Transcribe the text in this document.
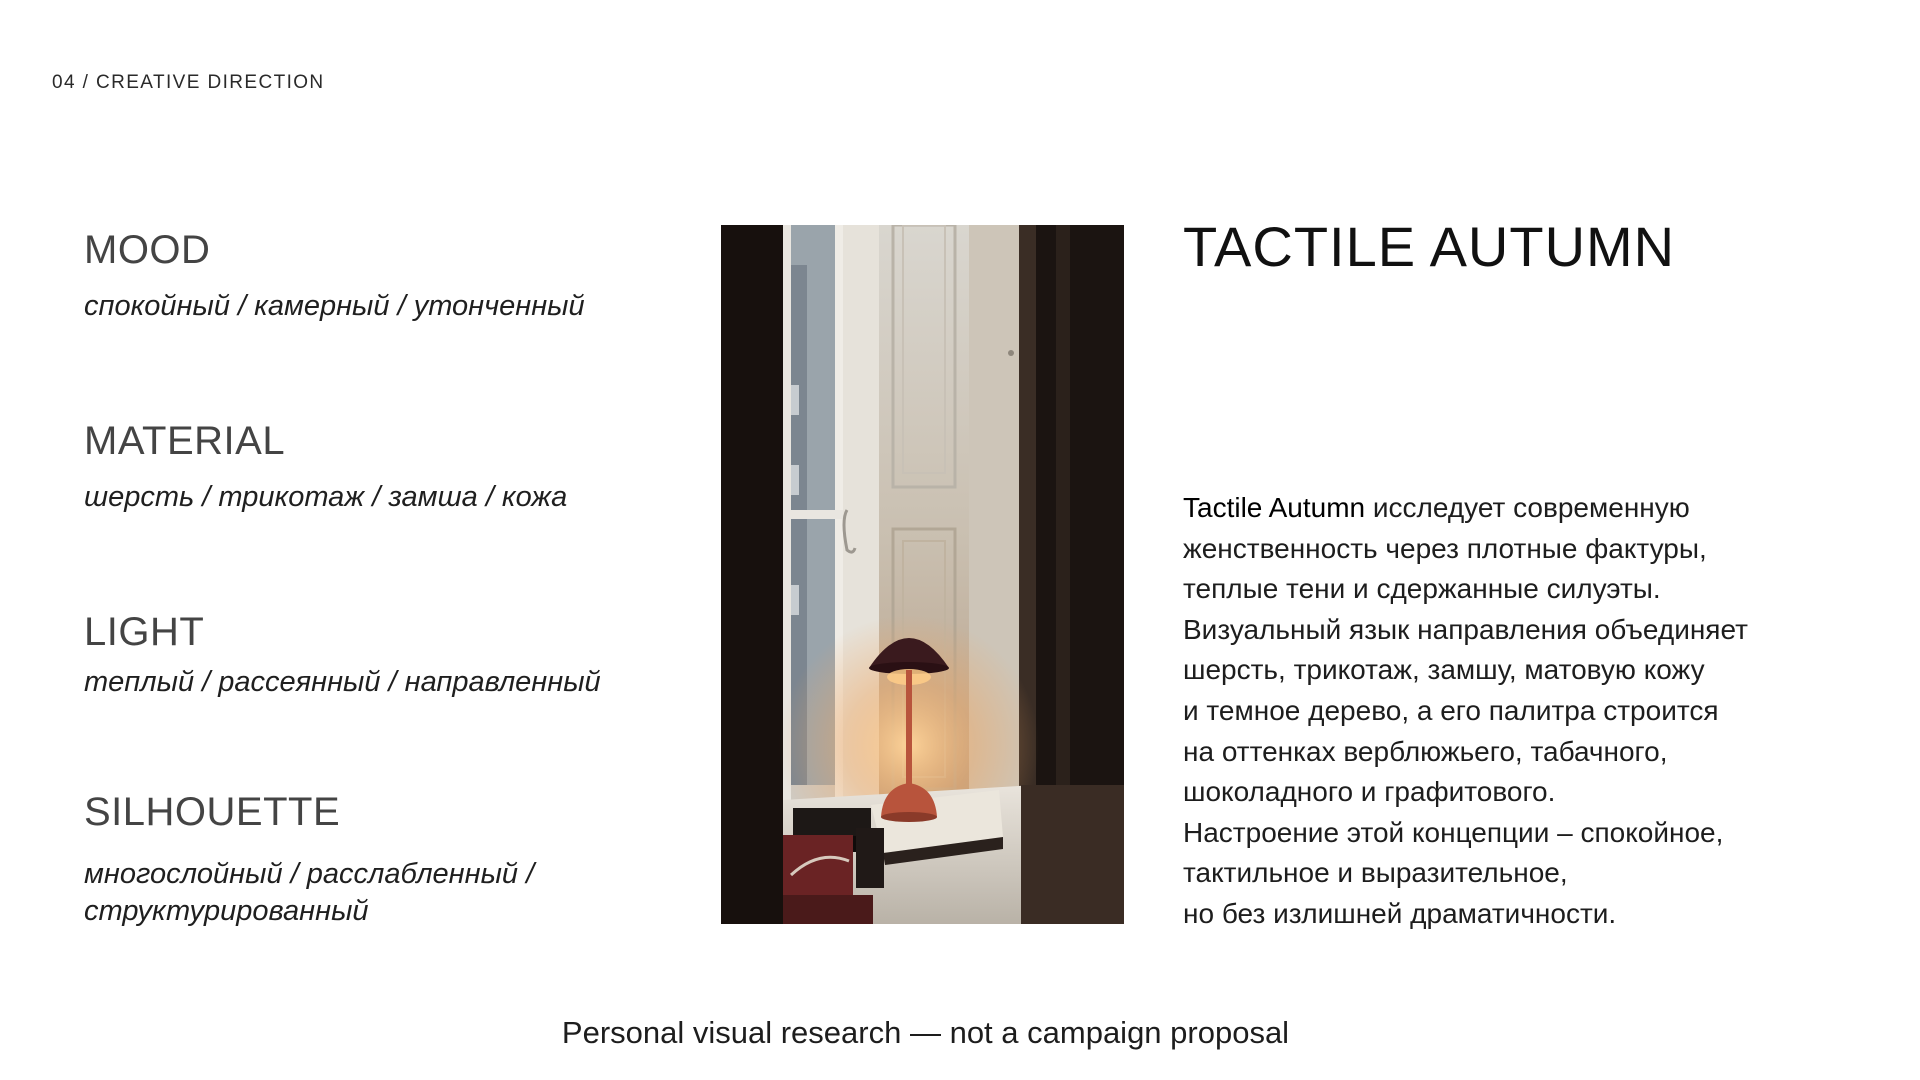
04 / CREATIVE DIRECTION
MOOD
спокойный / камерный / утонченный
MATERIAL
шерсть / трикотаж / замша / кожа
LIGHT
теплый / рассеянный / направленный
SILHOUETTE
многослойный / расслабленный /
структурированный
TACTILE AUTUMN
Tactile Autumn исследует современную
женственность через плотные фактуры,
теплые тени и сдержанные силуэты.
Визуальный язык направления объединяет
шерсть, трикотаж, замшу, матовую кожу
и темное дерево, а его палитра строится
на оттенках верблюжьего, табачного,
шоколадного и графитового.
Настроение этой концепции – спокойное,
тактильное и выразительное,
но без излишней драматичности.
Personal visual research — not a campaign proposal
